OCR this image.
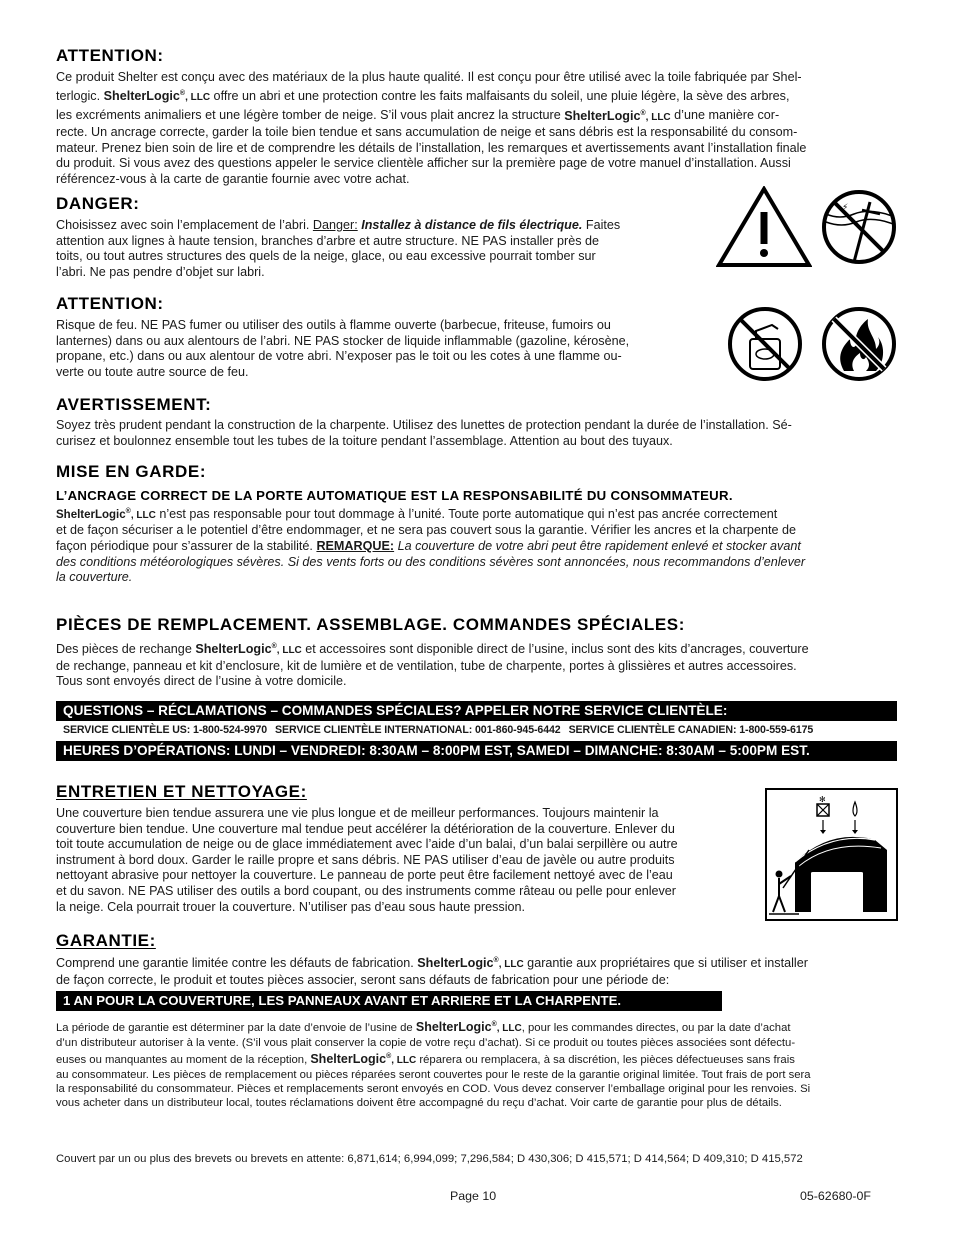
ATTENTION:
Ce produit Shelter est conçu avec des matériaux de la plus haute qualité. Il est conçu pour être utilisé avec la toile fabriquée par Shel-
terlogic. ShelterLogic®, LLC offre un abri et une protection contre les faits malfaisants du soleil, une pluie légère, la sève des arbres,
les excréments animaliers et une légère tomber de neige. S’il vous plait ancrez la structure ShelterLogic®, LLC d’une manière cor-
recte. Un ancrage correcte, garder la toile bien tendue et sans accumulation de neige et sans débris est la responsabilité du consom-
mateur. Prenez bien soin de lire et de comprendre les détails de l’installation, les remarques et avertissements avant l’installation finale
du produit. Si vous avez des questions appeler le service clientèle afficher sur la première page de votre manuel d’installation. Aussi
référencez-vous à la carte de garantie fournie avec votre achat.
DANGER:
Choisissez avec soin l’emplacement de l’abri. Danger: Installez à distance de fils électrique. Faites
attention aux lignes à haute tension, branches d’arbre et autre structure. NE PAS installer près de
toits, ou tout autres structures des quels de la neige, glace, ou eau excessive pourrait tomber sur
l’abri. Ne pas pendre d’objet sur labri.
⚡
ATTENTION:
Risque de feu. NE PAS fumer ou utiliser des outils à flamme ouverte (barbecue, friteuse, fumoirs ou
lanternes) dans ou aux alentours de l’abri. NE PAS stocker de liquide inflammable (gazoline, kérosène,
propane, etc.) dans ou aux alentour de votre abri. N’exposer pas le toit ou les cotes à une flamme ou-
verte ou toute autre source de feu.
AVERTISSEMENT:
Soyez très prudent pendant la construction de la charpente. Utilisez des lunettes de protection pendant la durée de l’installation. Sé-
curisez et boulonnez ensemble tout les tubes de la toiture pendant l’assemblage. Attention au bout des tuyaux.
MISE EN GARDE:
L’ANCRAGE CORRECT DE LA PORTE AUTOMATIQUE EST LA RESPONSABILITÉ DU CONSOMMATEUR.
ShelterLogic®, LLC n’est pas responsable pour tout dommage à l’unité. Toute porte automatique qui n’est pas ancrée correctement
et de façon sécuriser a le potentiel d’être endommager, et ne sera pas couvert sous la garantie. Vérifier les ancres et la charpente de
façon périodique pour s’assurer de la stabilité. REMARQUE: La couverture de votre abri peut être rapidement enlevé et stocker avant
des conditions météorologiques sévères. Si des vents forts ou des conditions sévères sont annoncées, nous recommandons d’enlever
la couverture.
PIÈCES DE REMPLACEMENT. ASSEMBLAGE. COMMANDES SPÉCIALES:
Des pièces de rechange ShelterLogic®, LLC et accessoires sont disponible direct de l’usine, inclus sont des kits d’ancrages, couverture
de rechange, panneau et kit d’enclosure, kit de lumière et de ventilation, tube de charpente, portes à glissières et autres accessoires.
Tous sont envoyés direct de l’usine à votre domicile.
QUESTIONS – RÉCLAMATIONS – COMMANDES SPÉCIALES? APPELER NOTRE SERVICE CLIENTÈLE:
SERVICE CLIENTÈLE US: 1-800-524-9970 SERVICE CLIENTÈLE INTERNATIONAL: 001-860-945-6442 SERVICE CLIENTÈLE CANADIEN: 1-800-559-6175
HEURES D’OPÉRATIONS: LUNDI – VENDREDI: 8:30AM – 8:00PM EST, SAMEDI – DIMANCHE: 8:30AM – 5:00PM EST.
ENTRETIEN ET NETTOYAGE:
Une couverture bien tendue assurera une vie plus longue et de meilleur performances. Toujours maintenir la
couverture bien tendue. Une couverture mal tendue peut accélérer la détérioration de la couverture. Enlever du
toit toute accumulation de neige ou de glace immédiatement avec l’aide d’un balai, d’un balai serpillère ou autre
instrument à bord doux. Garder le raille propre et sans débris. NE PAS utiliser d’eau de javèle ou autre produits
nettoyant abrasive pour nettoyer la couverture. Le panneau de porte peut être facilement nettoyé avec de l’eau
et du savon. NE PAS utiliser des outils a bord coupant, ou des instruments comme râteau ou pelle pour enlever
la neige. Cela pourrait trouer la couverture. N’utiliser pas d’eau sous haute pression.
✻
GARANTIE:
Comprend une garantie limitée contre les défauts de fabrication. ShelterLogic®, LLC garantie aux propriétaires que si utiliser et installer
de façon correcte, le produit et toutes pièces associer, seront sans défauts de fabrication pour une période de:
1 AN POUR LA COUVERTURE, LES PANNEAUX AVANT ET ARRIERE ET LA CHARPENTE.
La période de garantie est déterminer par la date d’envoie de l’usine de ShelterLogic®, LLC, pour les commandes directes, ou par la date d’achat
d’un distributeur autoriser à la vente. (S’il vous plait conserver la copie de votre reçu d’achat). Si ce produit ou toutes pièces associées sont défectu-
euses ou manquantes au moment de la réception, ShelterLogic®, LLC réparera ou remplacera, à sa discrétion, les pièces défectueuses sans frais
au consommateur. Les pièces de remplacement ou pièces réparées seront couvertes pour le reste de la garantie original limitée. Tout frais de port sera
la responsabilité du consommateur. Pièces et remplacements seront envoyés en COD. Vous devez conserver l’emballage original pour les renvoies. Si
vous acheter dans un distributeur local, toutes réclamations doivent être accompagné du reçu d’achat. Voir carte de garantie pour plus de détails.
Couvert par un ou plus des brevets ou brevets en attente: 6,871,614; 6,994,099; 7,296,584; D 430,306; D 415,571; D 414,564; D 409,310; D 415,572
Page 10	05-62680-0F
